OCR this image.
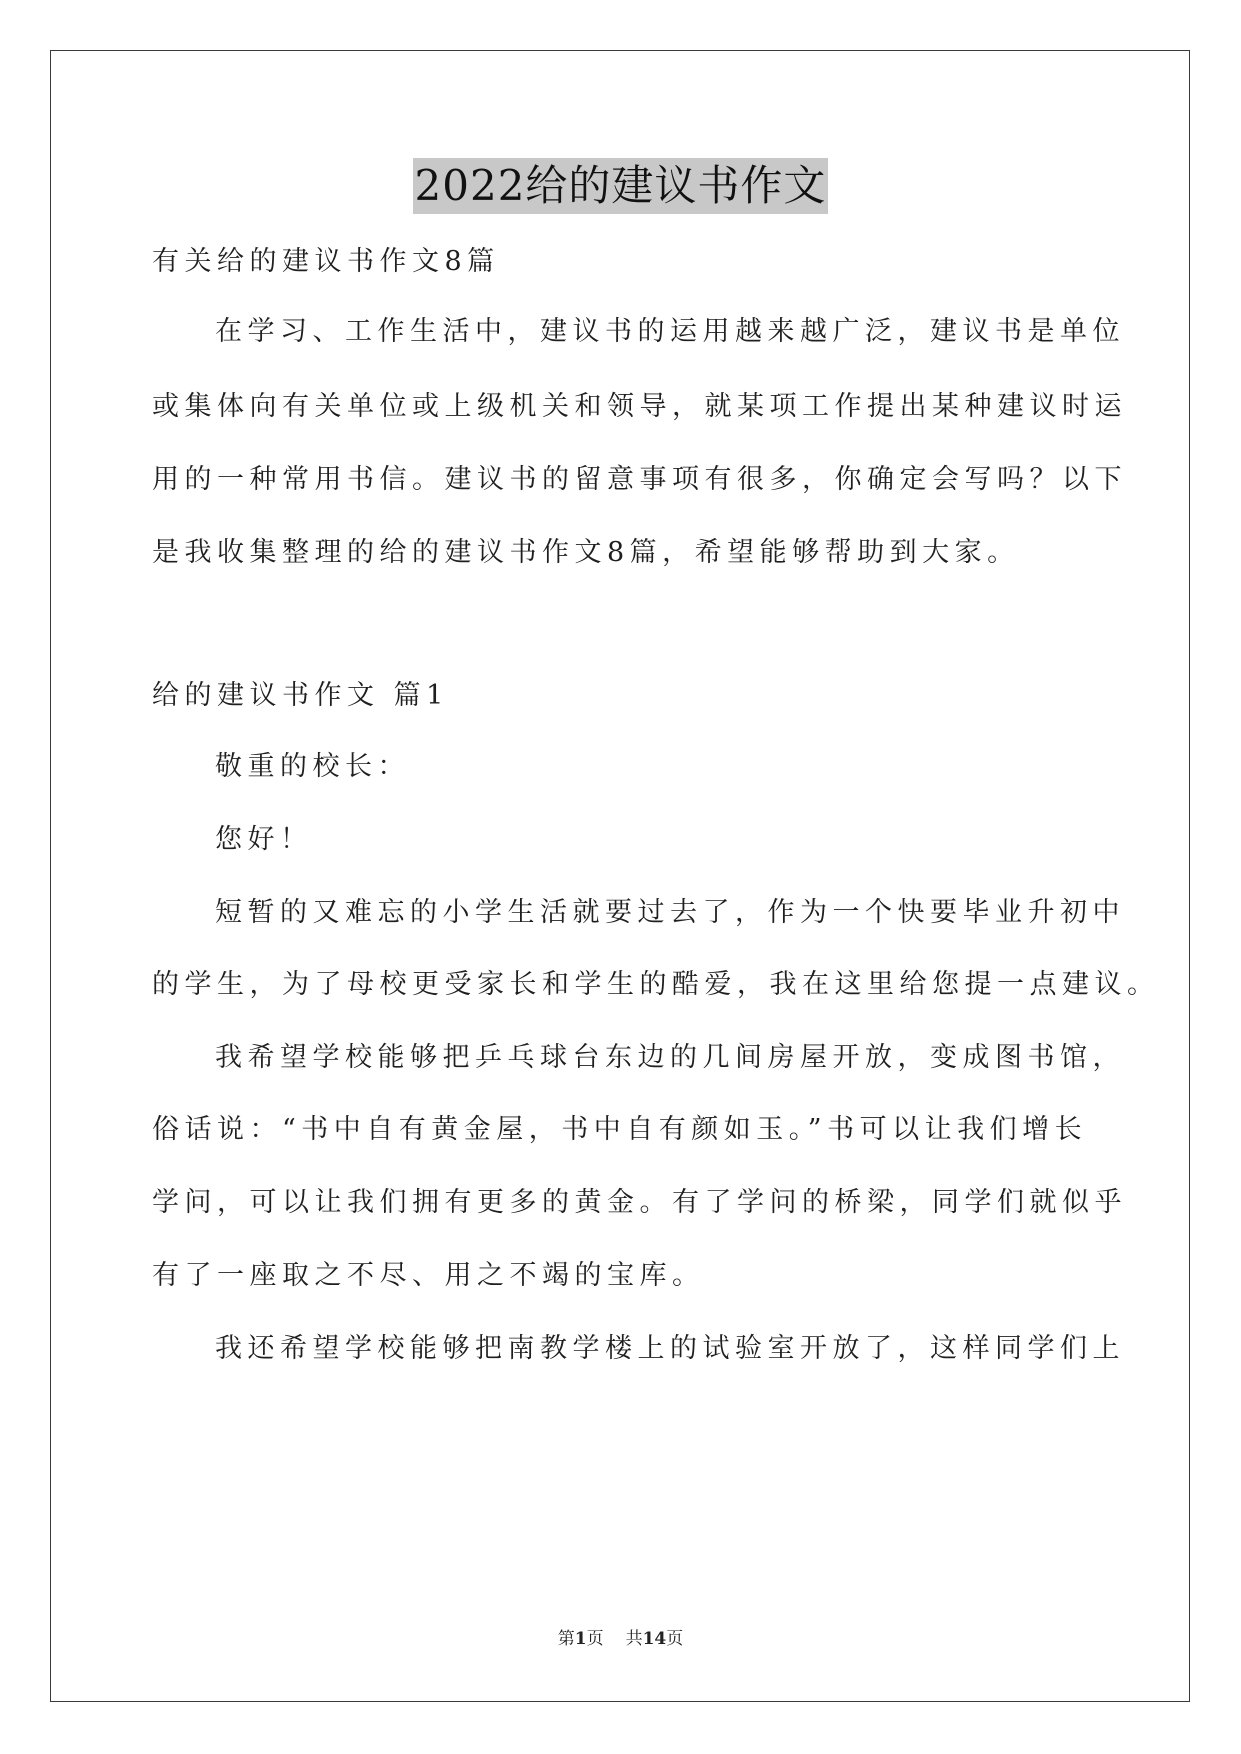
2022给的建议书作文
有关给的建议书作文8篇
在学习、工作生活中，建议书的运用越来越广泛，建议书是单位
或集体向有关单位或上级机关和领导，就某项工作提出某种建议时运
用的一种常用书信。建议书的留意事项有很多，你确定会写吗？以下
是我收集整理的给的建议书作文8篇，希望能够帮助到大家。
给的建议书作文 篇1
敬重的校长：
您好！
短暂的又难忘的小学生活就要过去了，作为一个快要毕业升初中
的学生，为了母校更受家长和学生的酷爱，我在这里给您提一点建议。
我希望学校能够把乒乓球台东边的几间房屋开放，变成图书馆，
俗话说：“书中自有黄金屋，书中自有颜如玉。”书可以让我们增长
学问，可以让我们拥有更多的黄金。有了学问的桥梁，同学们就似乎
有了一座取之不尽、用之不竭的宝库。
我还希望学校能够把南教学楼上的试验室开放了，这样同学们上
第1页 共14页
